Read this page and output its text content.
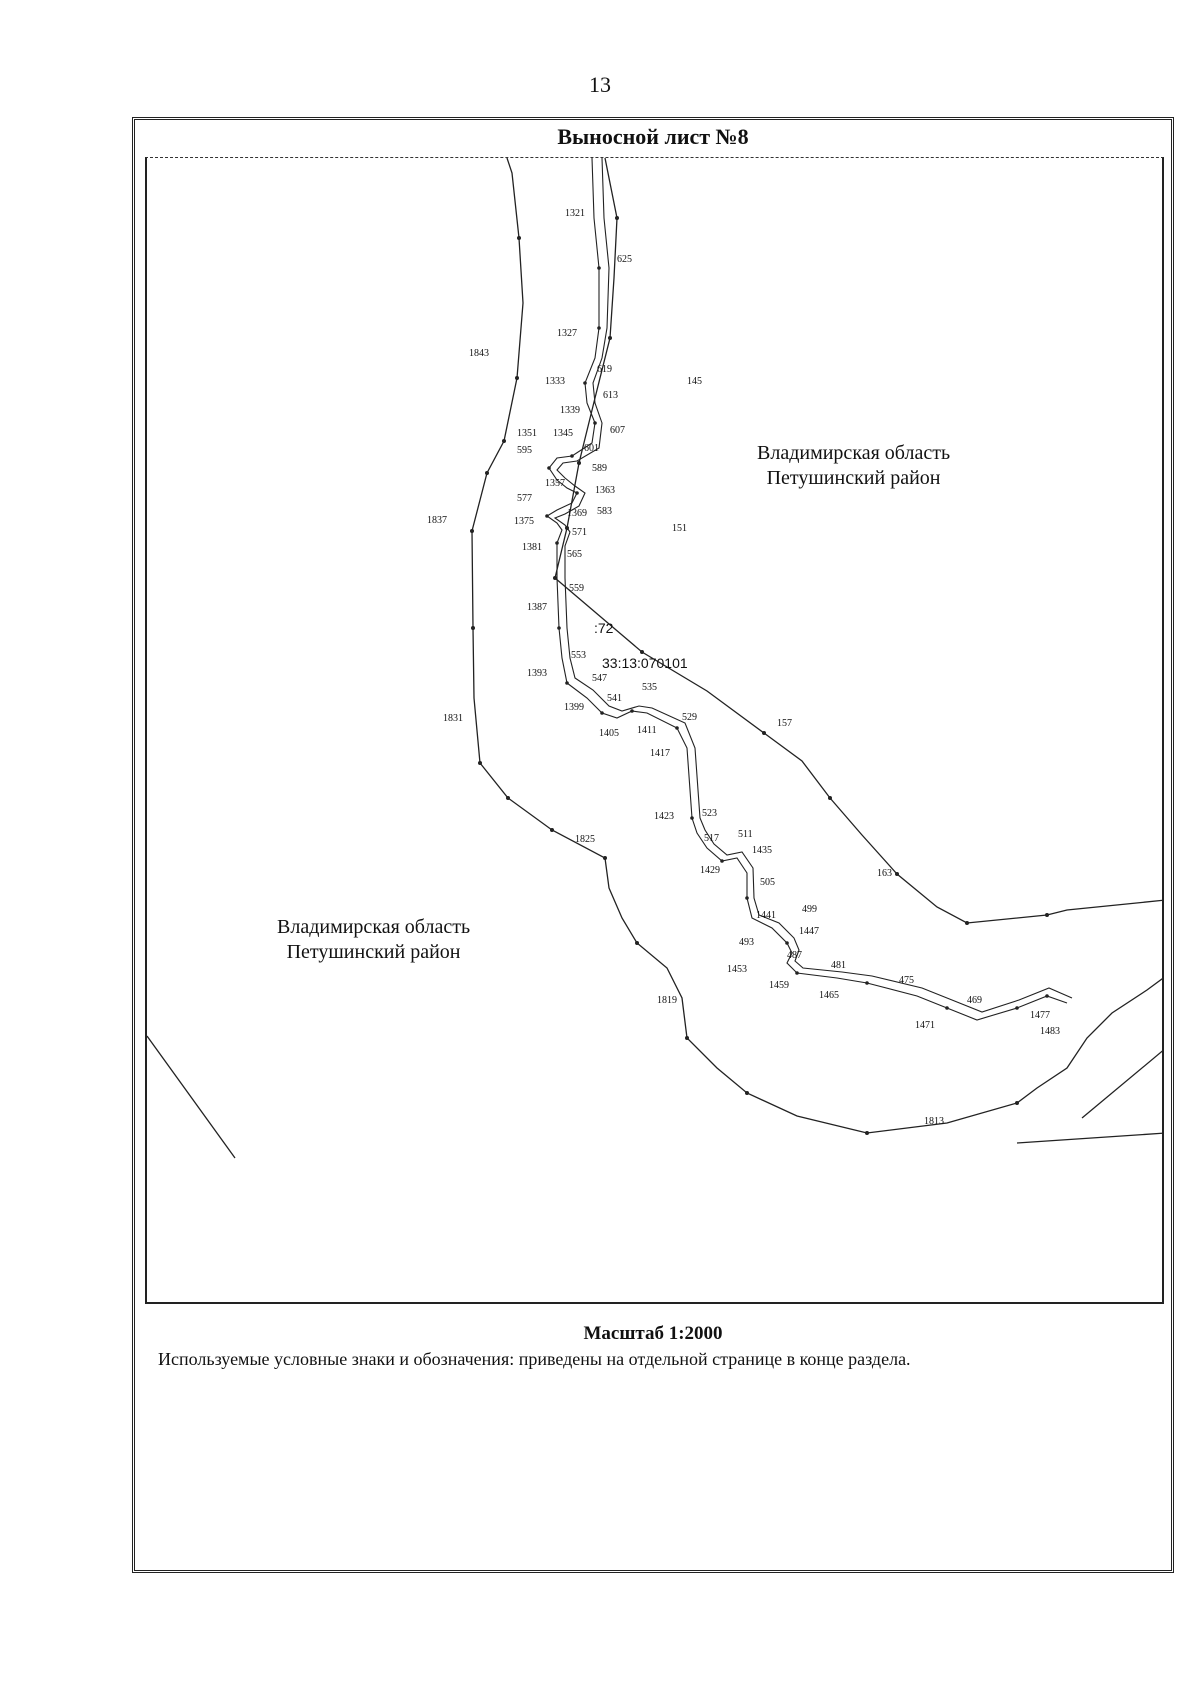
13
Выносной лист №8
1321
625
1327
619
1333
613
1339
607
1351 1345
601
595
589
1357
1363
577
1369 583
1375
571
1381
565
559
1387
553
1393	547
541
535
1399
1405 1411
529
1417
1423	523
517 511
1435
1429
505
1441
499
1447
493
487
481
1453
1459
1465
475
469
1471
1477
1483
1843
1837
1831
1825
1819
1813
145
151
157
163
:72
33:13:070101
Владимирская область
Петушинский район
Владимирская область
Петушинский район
Масштаб 1:2000
Используемые условные знаки и обозначения: приведены на отдельной странице в конце раздела.
